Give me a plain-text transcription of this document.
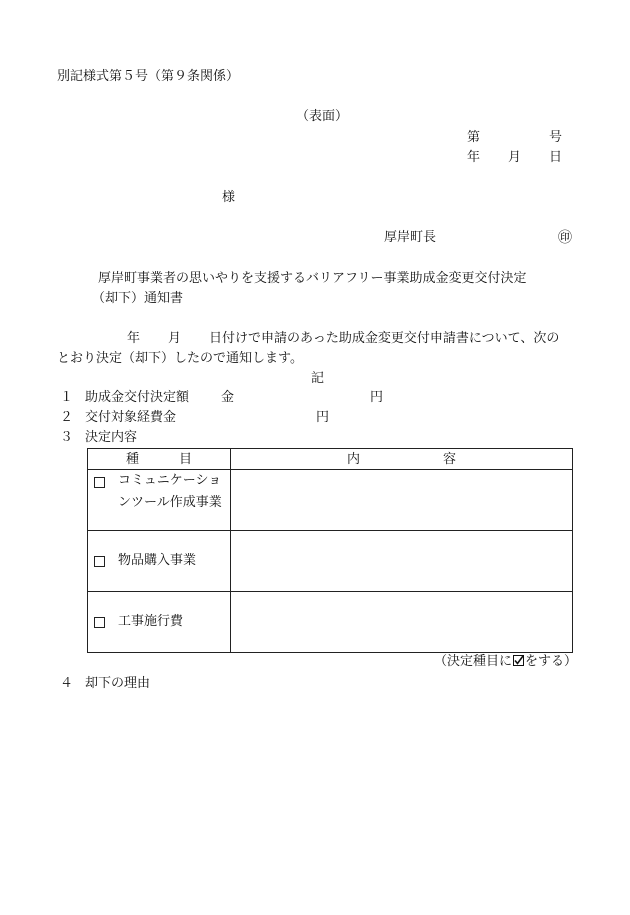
別記様式第５号（第９条関係）
（表面）
第	号
年 月 日
様
厚岸町長	㊞
厚岸町事業者の思いやりを支援するバリアフリー事業助成金変更交付決定
（却下）通知書
年 月 日付けで申請のあった助成金変更交付申請書について、次の
とおり決定（却下）したので通知します。
記
１ 助成金交付決定額 金	円
２ 交付対象経費金	円
３ 決定内容
種 目	内 容

コミュニケーションツール作成事業	

物品購入事業	

工事施行費	

（決定種目に をする）
４ 却下の理由
